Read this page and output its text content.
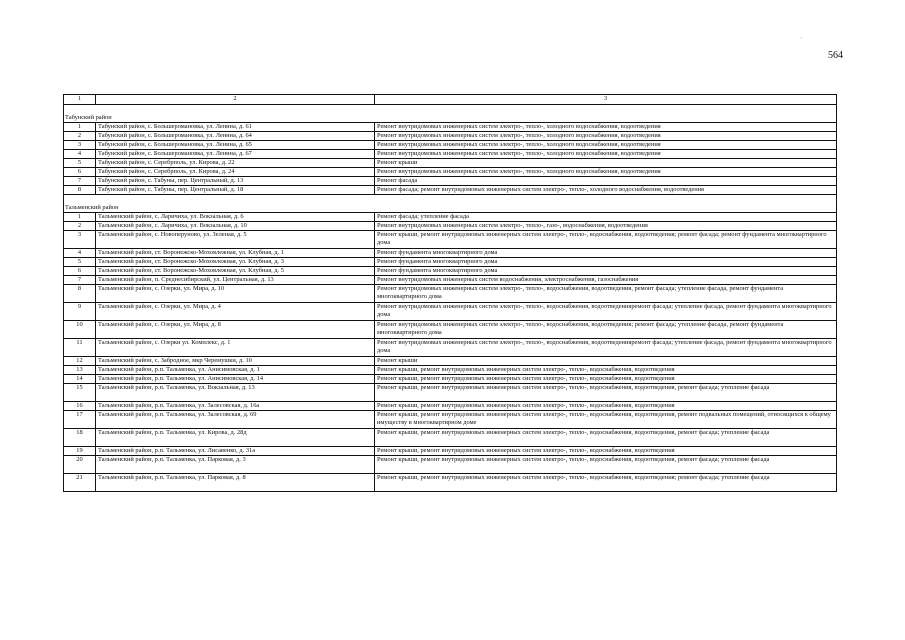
·
564
1	2	3

Табунский район		
1	Табунский район, с. Большеромановка, ул. Ленина, д. 61	Ремонт внутридомовых инженерных систем электро-, тепло-, холодного водоснабжения, водоотведения
2	Табунский район, с. Большеромановка, ул. Ленина, д. 64	Ремонт внутридомовых инженерных систем электро-, тепло-, холодного водоснабжения, водоотведения
3	Табунский район, с. Большеромановка, ул. Ленина, д. 65	Ремонт внутридомовых инженерных систем электро-, тепло-, холодного водоснабжения, водоотведения
4	Табунский район, с. Большеромановка, ул. Ленина, д. 67	Ремонт внутридомовых инженерных систем электро-, тепло-, холодного водоснабжения, водоотведения
5	Табунский район, с. Серебрполь, ул. Кирова, д. 22	Ремонт крыши
6	Табунский район, с. Серебрполь, ул. Кирова, д. 24	Ремонт внутридомовых инженерных систем электро-, тепло-, холодного водоснабжения, водоотведения
7	Табунский район, с. Табуны, пер. Центральный, д. 13	Ремонт фасада
8	Табунский район, с. Табуны, пер. Центральный, д. 18	Ремонт фасада; ремонт внутридомовых инженерных систем электро-, тепло-, холодного водоснабжения, водоотведения

Тальменский район		
1	Тальменский район, с. Ларичиха, ул. Вокзальная, д. 6	Ремонт фасада; утепление фасада
2	Тальменский район, с. Ларичиха, ул. Вокзальная, д. 10	Ремонт внутридомовых инженерных систем электро-, тепло-, газо-, водоснабжения, водоотведения
3	Тальменский район, с. Новоперуново, ул. Зеленая, д. 5	Ремонт крыши, ремонт внутридомовых инженерных систем электро-, тепло-, водоснабжения, водоотведения; ремонт фасада; ремонт фундамента многоквартирного дома
4	Тальменский район, ст. Воронежско-Моховлежная, ул. Клубная, д. 1	Ремонт фундамента многоквартирного дома
5	Тальменский район, ст. Воронежско-Моховлежная, ул. Клубная, д. 3	Ремонт фундамента многоквартирного дома
6	Тальменский район, ст. Воронежско-Моховлежная, ул. Клубная, д. 5	Ремонт фундамента многоквартирного дома
7	Тальменский район, п. Среднесибирский, ул. Центральная, д. 13	Ремонт внутридомовых инженерных систем водоснабжения, электроснабжения, газоснабжения
8	Тальменский район, с. Озерки, ул. Мира, д. 10	Ремонт внутридомовых инженерных систем электро-, тепло-, водоснабжения, водоотведения, ремонт фасада; утепление фасада, ремонт фундамента многоквартирного дома
9	Тальменский район, с. Озерки, ул. Мира, д. 4	Ремонт внутридомовых инженерных систем электро-, тепло-, водоснабжения, водоотведенияремонт фасада; утепление фасада, ремонт фундамента многоквартирного дома
10	Тальменский район, с. Озерки, ул. Мира, д. 8	Ремонт внутридомовых инженерных систем электро-, тепло-, водоснабжения, водоотведения; ремонт фасада; утепление фасада, ремонт фундамента многоквартирного дома
11	Тальменский район, с. Озерки ул. Комплекс, д. 1	Ремонт внутридомовых инженерных систем электро-, тепло-, водоснабжения, водоотведенияремонт фасада; утепление фасада, ремонт фундамента многоквартирного дома
12	Тальменский район, с. Забродное, мкр Черемушки, д. 10	Ремонт крыши
13	Тальменский район, р.п. Тальменка, ул. Анисимовская, д. 1	Ремонт крыши, ремонт внутридомовых инженерных систем электро-, тепло-, водоснабжения, водоотведения
14	Тальменский район, р.п. Тальменка, ул. Анисимовская, д. 14	Ремонт крыши, ремонт внутридомовых инженерных систем электро-, тепло-, водоснабжения, водоотведения
15	Тальменский район, р.п. Тальменка, ул. Вокзальная, д. 13	Ремонт крыши, ремонт внутридомовых инженерных систем электро-, тепло-, водоснабжения, водоотведения, ремонт фасада; утепление фасада
16	Тальменский район, р.п. Тальменка, ул. Залесовская, д. 16а	Ремонт крыши, ремонт внутридомовых инженерных систем электро-, тепло-, водоснабжения, водоотведения
17	Тальменский район, р.п. Тальменка, ул. Залесовская, д. 69	Ремонт крыши, ремонт внутридомовых инженерных систем электро-, тепло-, водоснабжения, водоотведения, ремонт подвальных помещений, относящихся к общему имуществу в многоквартирном доме
18	Тальменский район, р.п. Тальменка, ул. Кирова, д. 28д	Ремонт крыши, ремонт внутридомовых инженерных систем электро-, тепло-, водоснабжения, водоотведения, ремонт фасада; утепление фасада
19	Тальменский район, р.п. Тальменка, ул. Лисавенко, д. 31а	Ремонт крыши, ремонт внутридомовых инженерных систем электро-, тепло-, водоснабжения, водоотведения
20	Тальменский район, р.п. Тальменка, ул. Парковая, д. 3	Ремонт крыши, ремонт внутридомовых инженерных систем электро-, тепло-, водоснабжения, водоотведения, ремонт фасада; утепление фасада
21	Тальменский район, р.п. Тальменка, ул. Парковая, д. 8	Ремонт крыши, ремонт внутридомовых инженерных систем электро-, тепло-, водоснабжения, водоотведения; ремонт фасада; утепление фасада
